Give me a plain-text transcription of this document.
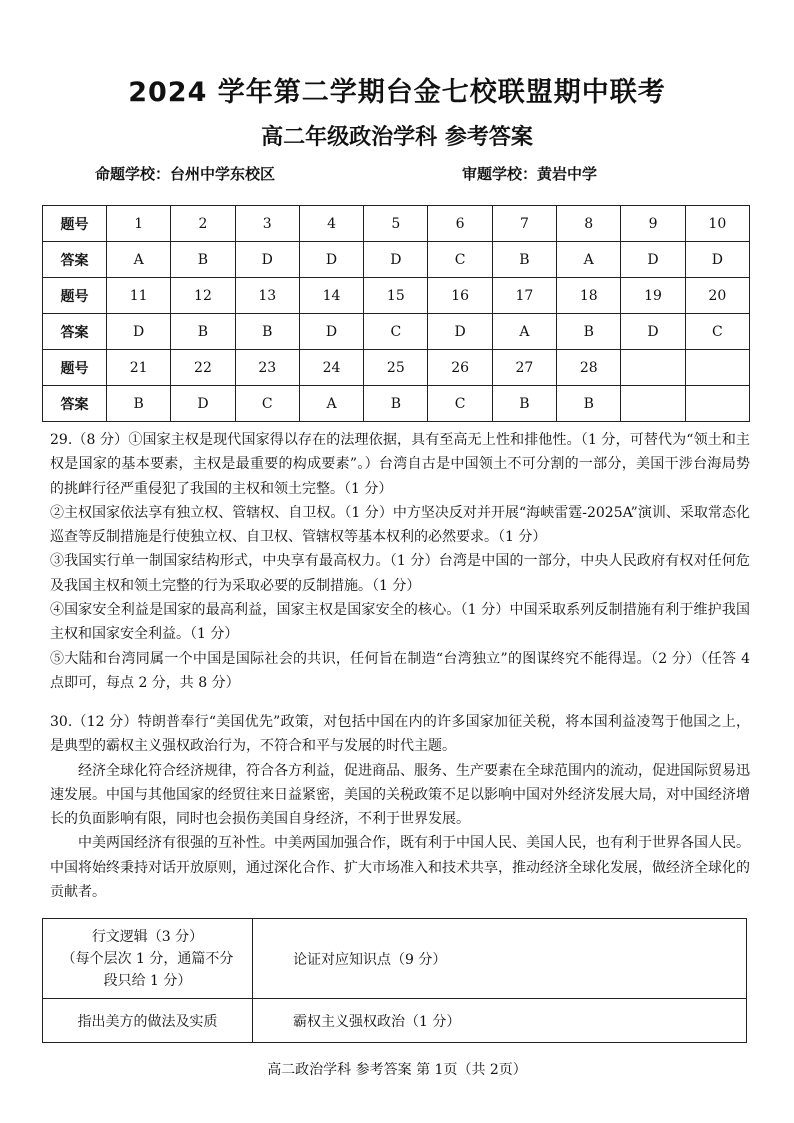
2024 学年第二学期台金七校联盟期中联考
高二年级政治学科 参考答案
命题学校：台州中学东校区	审题学校：黄岩中学
题号	1	2	3	4	5	6	7	8	9	10
答案	A	B	D	D	D	C	B	A	D	D
题号	11	12	13	14	15	16	17	18	19	20
答案	D	B	B	D	C	D	A	B	D	C
题号	21	22	23	24	25	26	27	28		
答案	B	D	C	A	B	C	B	B		

29.（8 分）①国家主权是现代国家得以存在的法理依据，具有至高无上性和排他性。（1 分，可替代为“领土和主权是国家的基本要素，主权是最重要的构成要素”。）台湾自古是中国领土不可分割的一部分，美国干涉台海局势的挑衅行径严重侵犯了我国的主权和领土完整。（1 分）

②主权国家依法享有独立权、管辖权、自卫权。（1 分）中方坚决反对并开展“海峡雷霆-2025A”演训、采取常态化巡查等反制措施是行使独立权、自卫权、管辖权等基本权利的必然要求。（1 分）

③我国实行单一制国家结构形式，中央享有最高权力。（1 分）台湾是中国的一部分，中央人民政府有权对任何危及我国主权和领土完整的行为采取必要的反制措施。（1 分）

④国家安全利益是国家的最高利益，国家主权是国家安全的核心。（1 分）中国采取系列反制措施有利于维护我国主权和国家安全利益。（1 分）

⑤大陆和台湾同属一个中国是国际社会的共识，任何旨在制造“台湾独立”的图谋终究不能得逞。（2 分）（任答 4 点即可，每点 2 分，共 8 分）

30.（12 分）特朗普奉行“美国优先”政策，对包括中国在内的许多国家加征关税，将本国利益凌驾于他国之上，是典型的霸权主义强权政治行为，不符合和平与发展的时代主题。

经济全球化符合经济规律，符合各方利益，促进商品、服务、生产要素在全球范围内的流动，促进国际贸易迅速发展。中国与其他国家的经贸往来日益紧密，美国的关税政策不足以影响中国对外经济发展大局，对中国经济增长的负面影响有限，同时也会损伤美国自身经济，不利于世界发展。

中美两国经济有很强的互补性。中美两国加强合作，既有利于中国人民、美国人民，也有利于世界各国人民。中国将始终秉持对话开放原则，通过深化合作、扩大市场准入和技术共享，推动经济全球化发展，做经济全球化的贡献者。

行文逻辑（3 分）
（每个层次 1 分，通篇不分
段只给 1 分）	论证对应知识点（9 分）
指出美方的做法及实质	霸权主义强权政治（1 分）
高二政治学科 参考答案 第 1页（共 2页）
